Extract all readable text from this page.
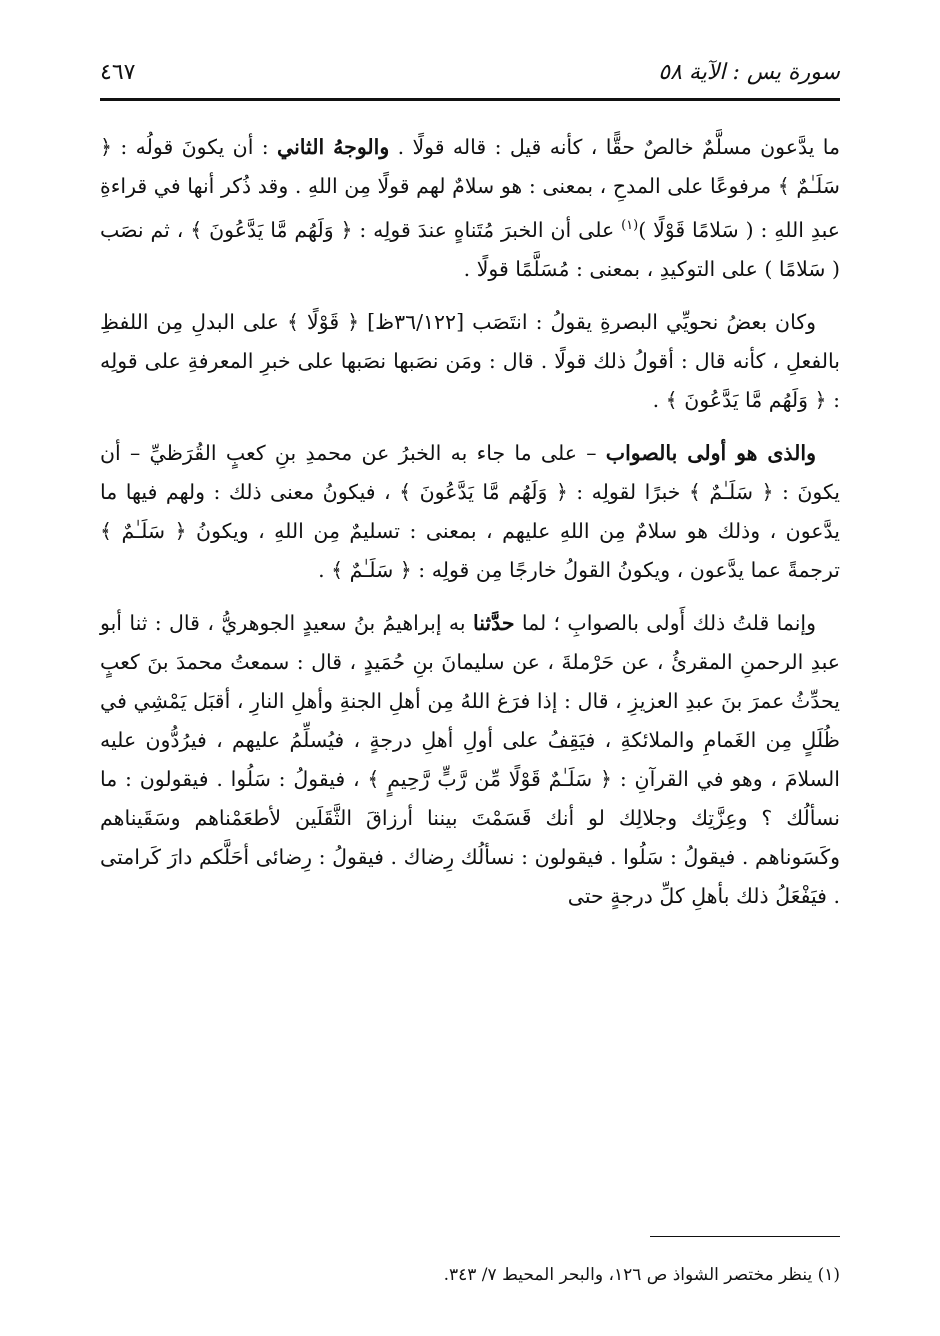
سورة يس : الآية ٥٨
٤٦٧

ما يدَّعون مسلَّمٌ خالصٌ حقًّا ، كأنه قيل : قاله قولًا . والوجهُ الثاني : أن يكونَ قولُه : ﴿ سَلَـٰمٌ ﴾ مرفوعًا على المدحِ ، بمعنى : هو سلامٌ لهم قولًا مِن اللهِ . وقد ذُكر أنها في قراءةِ عبدِ اللهِ : ( سَلامًا قَوْلًا )$^{(١)}$ على أن الخبرَ مُتَناهٍ عندَ قولِه : ﴿ وَلَهُم مَّا يَدَّعُونَ ﴾ ، ثم نصَب ( سَلامًا ) على التوكيدِ ، بمعنى : مُسَلَّمًا قولًا .

وكان بعضُ نحويِّي البصرةِ يقولُ : انتَصَب [٣٦/١٢٢ظ] ﴿ قَوْلًا ﴾ على البدلِ مِن اللفظِ بالفعلِ ، كأنه قال : أقولُ ذلك قولًا . قال : ومَن نصَبها نصَبها على خبرِ المعرفةِ على قولِه : ﴿ وَلَهُم مَّا يَدَّعُونَ ﴾ .

والذى هو أولى بالصواب – على ما جاء به الخبرُ عن محمدِ بنِ كعبٍ القُرَظيِّ – أن يكونَ : ﴿ سَلَـٰمٌ ﴾ خبرًا لقولِه : ﴿ وَلَهُم مَّا يَدَّعُونَ ﴾ ، فيكونُ معنى ذلك : ولهم فيها ما يدَّعون ، وذلك هو سلامٌ مِن اللهِ عليهم ، بمعنى : تسليمٌ مِن اللهِ ، ويكونُ ﴿ سَلَـٰمٌ ﴾ ترجمةً عما يدَّعون ، ويكونُ القولُ خارجًا مِن قولِه : ﴿ سَلَـٰمٌ ﴾ .

وإنما قلتُ ذلك أَولى بالصوابِ ؛ لما حدَّثنا به إبراهيمُ بنُ سعيدٍ الجوهريُّ ، قال : ثنا أبو عبدِ الرحمنِ المقرئُ ، عن حَرْملةَ ، عن سليمانَ بنِ حُمَيدٍ ، قال : سمعتُ محمدَ بنَ كعبٍ يحدِّثُ عمرَ بنَ عبدِ العزيزِ ، قال : إذا فرَغ اللهُ مِن أهلِ الجنةِ وأهلِ النارِ ، أقبَل يَمْشِي في ظُلَلٍ مِن الغَمامِ والملائكةِ ، فيَقِفُ على أولِ أهلِ درجةٍ ، فيُسلِّمُ عليهم ، فيرُدُّون عليه السلامَ ، وهو في القرآنِ : ﴿ سَلَـٰمٌ قَوْلًا مِّن رَّبٍّ رَّحِيمٍ ﴾ ، فيقولُ : سَلُوا . فيقولون : ما نسألُك ؟ وعِزَّتِك وجلالِك لو أنك قَسَمْتَ بيننا أرزاقَ الثَّقَلَين لأطعَمْناهم وسَقَيناهم وكَسَوناهم . فيقولُ : سَلُوا . فيقولون : نسألُك رِضاك . فيقولُ : رِضائى أحَلَّكم دارَ كَرامتى . فيَفْعَلُ ذلك بأهلِ كلِّ درجةٍ حتى

(١) ينظر مختصر الشواذ ص ١٢٦، والبحر المحيط ٧/ ٣٤٣.
